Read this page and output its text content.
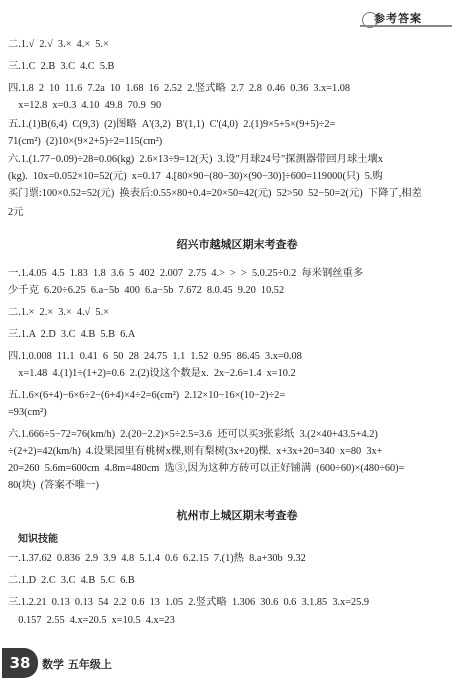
参考答案
二.1.√  2.√  3.×  4.×  5.×
三.1.C  2.B  3.C  4.C  5.B
四.1.8  2  10  11.6  7.2a  10  1.68  16  2.52  2.竖式略  2.7  2.8  0.46  0.36  3.x=1.08
x=12.8  x=0.3  4.10  49.8  70.9  90
五.1.(1)B(6,4)  C(9,3)  (2)图略  A'(3,2)  B'(1,1)  C'(4,0)  2.(1)9×5+5×(9+5)÷2=
71(cm²)  (2)10×(9×2+5)÷2=115(cm²)
六.1.(1.77−0.09)÷28=0.06(kg)  2.6×13÷9=12(天)  3.设"月球24号"探测器带回月球土壤x
(kg).  10x=0.052×10=52(元)  x=0.17  4.[80×90−(80−30)×(90−30)]÷600=119000(只)  5.购
买门票:100×0.52=52(元)  换表后:0.55×80+0.4=20×50=42(元)  52>50  52−50=2(元)  下降了,相差
2元
绍兴市越城区期末考查卷
一.1.4.05  4.5  1.83  1.8  3.6  5  402  2.007  2.75  4.>  >  >  5.0.25÷0.2  每米钢丝重多
少千克  6.20÷6.25  6.a−5b  400  6.a−5b  7.672  8.0.45  9.20  10.52
二.1.×  2.×  3.×  4.√  5.×
三.1.A  2.D  3.C  4.B  5.B  6.A
四.1.0.008  11.1  0.41  6  50  28  24.75  1.1  1.52  0.95  86.45  3.x=0.08
x=1.48  4.(1)1÷(1+2)=0.6  2.(2)设这个数是x.  2x−2.6=1.4  x=10.2
五.1.6×(6+4)−6×6÷2−(6+4)×4÷2=6(cm²)  2.12×10−16×(10−2)÷2=
=93(cm²)
六.1.666÷5−72=76(km/h)  2.(20−2.2)×5÷2.5=3.6  还可以买3张彩纸  3.(2×40+43.5+4.2)
÷(2+2)=42(km/h)  4.设果园里有桃树x棵,则有梨树(3x+20)棵.  x+3x+20=340  x=80  3x+
20=260  5.6m=600cm  4.8m=480cm  选③,因为这种方砖可以正好铺满  (600÷60)×(480÷60)=
80(块)  (答案不唯一)
杭州市上城区期末考查卷
知识技能
一.1.37.62  0.836  2.9  3.9  4.8  5.1.4  0.6  6.2.15  7.(1)热  8.a+30b  9.32
二.1.D  2.C  3.C  4.B  5.C  6.B
三.1.2.21  0.13  0.13  54  2.2  0.6  13  1.05  2.竖式略  1.306  30.6  0.6  3.1.85  3.x=25.9
0.157  2.55  4.x=20.5  x=10.5  4.x=23
38	数学 五年级上
